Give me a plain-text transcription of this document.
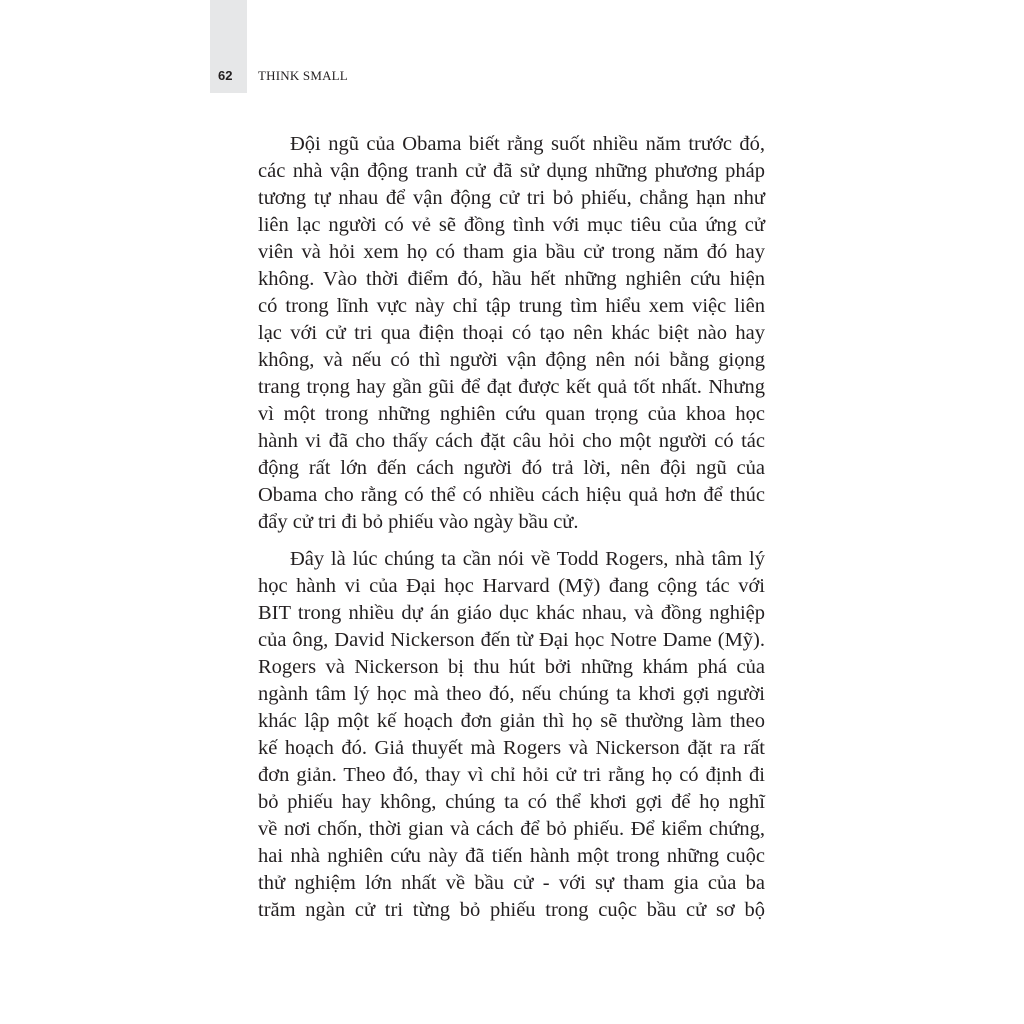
62	THINK SMALL
Đội ngũ của Obama biết rằng suốt nhiều năm trước đó,
các nhà vận động tranh cử đã sử dụng những phương pháp
tương tự nhau để vận động cử tri bỏ phiếu, chẳng hạn như
liên lạc người có vẻ sẽ đồng tình với mục tiêu của ứng cử
viên và hỏi xem họ có tham gia bầu cử trong năm đó hay
không. Vào thời điểm đó, hầu hết những nghiên cứu hiện
có trong lĩnh vực này chỉ tập trung tìm hiểu xem việc liên
lạc với cử tri qua điện thoại có tạo nên khác biệt nào hay
không, và nếu có thì người vận động nên nói bằng giọng
trang trọng hay gần gũi để đạt được kết quả tốt nhất. Nhưng
vì một trong những nghiên cứu quan trọng của khoa học
hành vi đã cho thấy cách đặt câu hỏi cho một người có tác
động rất lớn đến cách người đó trả lời, nên đội ngũ của
Obama cho rằng có thể có nhiều cách hiệu quả hơn để thúc
đẩy cử tri đi bỏ phiếu vào ngày bầu cử.
Đây là lúc chúng ta cần nói về Todd Rogers, nhà tâm lý
học hành vi của Đại học Harvard (Mỹ) đang cộng tác với
BIT trong nhiều dự án giáo dục khác nhau, và đồng nghiệp
của ông, David Nickerson đến từ Đại học Notre Dame (Mỹ).
Rogers và Nickerson bị thu hút bởi những khám phá của
ngành tâm lý học mà theo đó, nếu chúng ta khơi gợi người
khác lập một kế hoạch đơn giản thì họ sẽ thường làm theo
kế hoạch đó. Giả thuyết mà Rogers và Nickerson đặt ra rất
đơn giản. Theo đó, thay vì chỉ hỏi cử tri rằng họ có định đi
bỏ phiếu hay không, chúng ta có thể khơi gợi để họ nghĩ
về nơi chốn, thời gian và cách để bỏ phiếu. Để kiểm chứng,
hai nhà nghiên cứu này đã tiến hành một trong những cuộc
thử nghiệm lớn nhất về bầu cử - với sự tham gia của ba
trăm ngàn cử tri từng bỏ phiếu trong cuộc bầu cử sơ bộ
